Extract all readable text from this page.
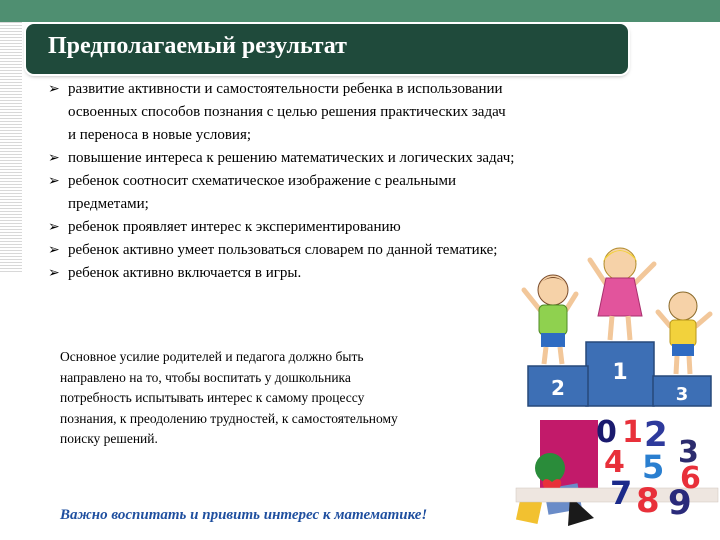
Предполагаемый результат
➢ развитие активности и самостоятельности ребенка в использовании
освоенных способов познания с целью решения практических задач
и переноса в новые условия;
➢ повышение интереса к решению математических и логических задач;
➢ ребенок соотносит схематическое изображение с реальными
предметами;
➢ ребенок проявляет интерес к экспериментированию
➢ ребенок активно умеет пользоваться словарем по данной тематике;
➢ ребенок активно включается в игры.
Основное усилие родителей и педагога должно быть
направлено на то, чтобы воспитать у дошкольника
потребность испытывать интерес к самому процессу
познания, к преодолению трудностей, к самостоятельному
поиску решений.
Важно воспитать и привить интерес к математике!
1
2	3
0 1 2 3
4 5 6
7 8 9
